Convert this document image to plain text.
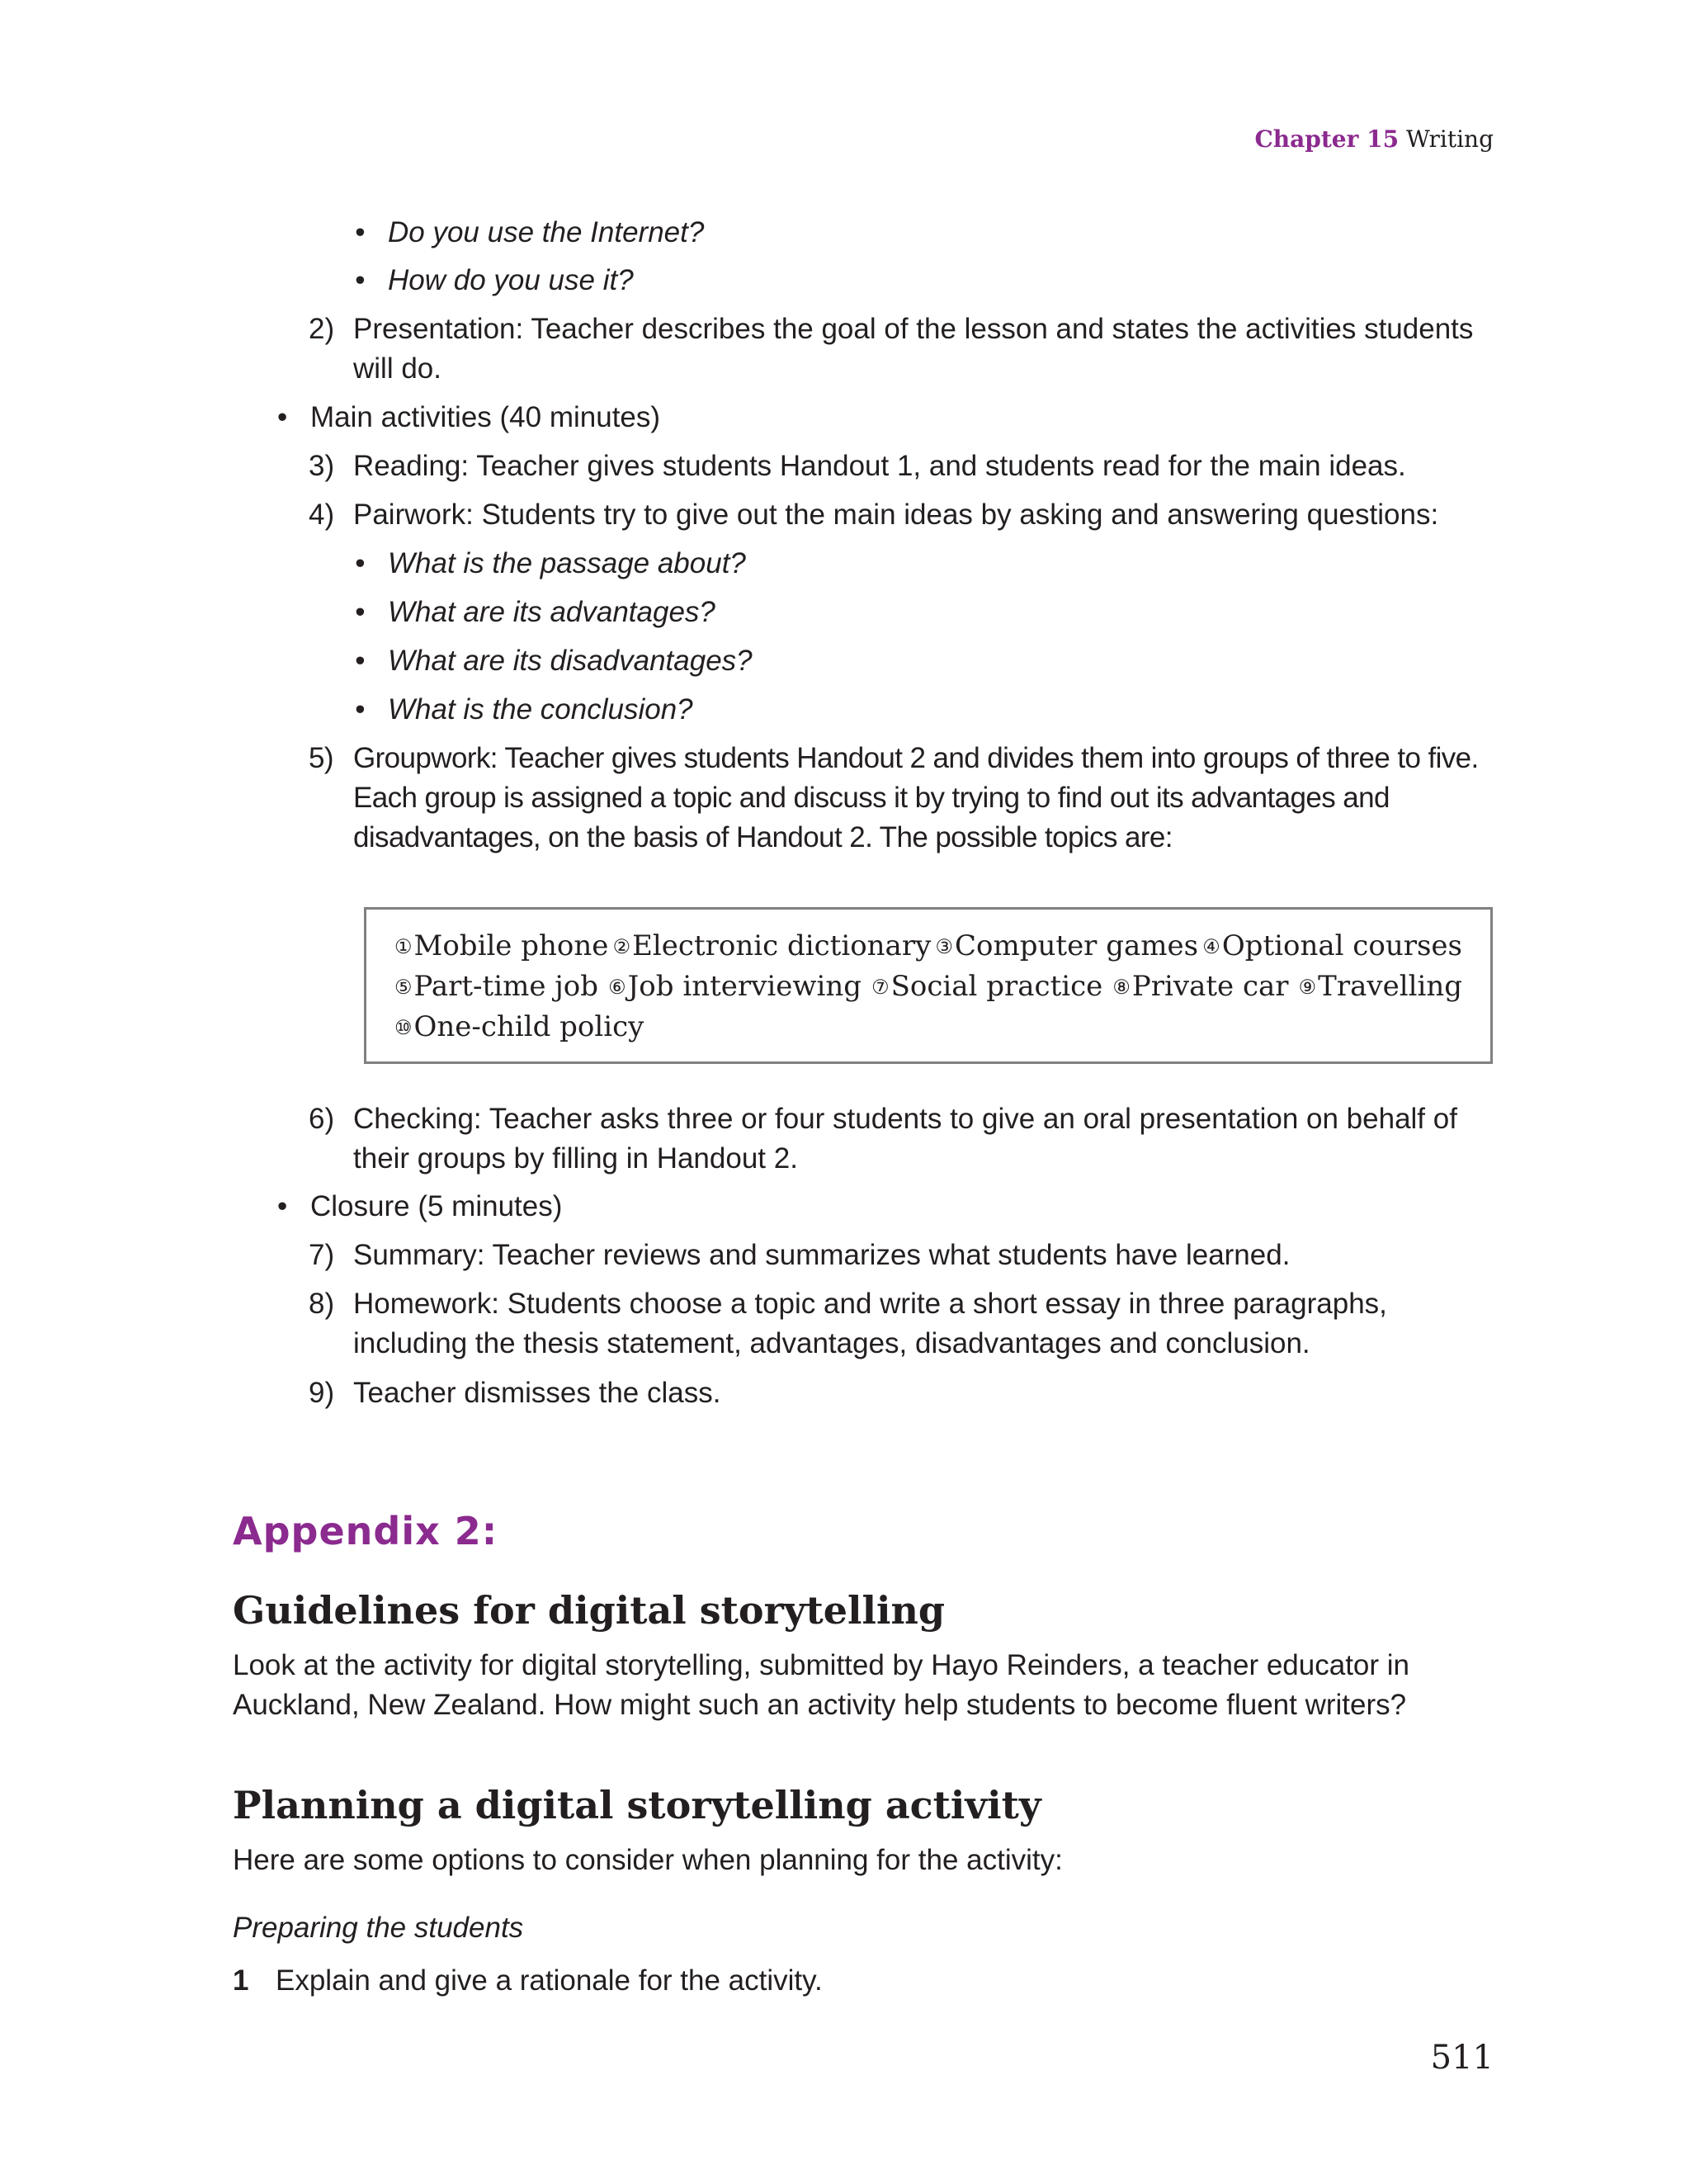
Chapter 15 Writing
• Do you use the Internet?
• How do you use it?
2) Presentation: Teacher describes the goal of the lesson and states the activities students will do.
• Main activities (40 minutes)
3) Reading: Teacher gives students Handout 1, and students read for the main ideas.
4) Pairwork: Students try to give out the main ideas by asking and answering questions:
• What is the passage about?
• What are its advantages?
• What are its disadvantages?
• What is the conclusion?
5) Groupwork: Teacher gives students Handout 2 and divides them into groups of three to five. Each group is assigned a topic and discuss it by trying to find out its advantages and disadvantages, on the basis of Handout 2. The possible topics are:
①Mobile phone ②Electronic dictionary ③Computer games ④Optional courses
⑤Part-time job ⑥Job interviewing ⑦Social practice ⑧Private car ⑨Travelling
⑩One-child policy
6) Checking: Teacher asks three or four students to give an oral presentation on behalf of their groups by filling in Handout 2.
• Closure (5 minutes)
7) Summary: Teacher reviews and summarizes what students have learned.
8) Homework: Students choose a topic and write a short essay in three paragraphs, including the thesis statement, advantages, disadvantages and conclusion.
9) Teacher dismisses the class.
Appendix 2:
Guidelines for digital storytelling
Look at the activity for digital storytelling, submitted by Hayo Reinders, a teacher educator in Auckland, New Zealand. How might such an activity help students to become fluent writers?
Planning a digital storytelling activity
Here are some options to consider when planning for the activity:
Preparing the students
1 Explain and give a rationale for the activity.
511
